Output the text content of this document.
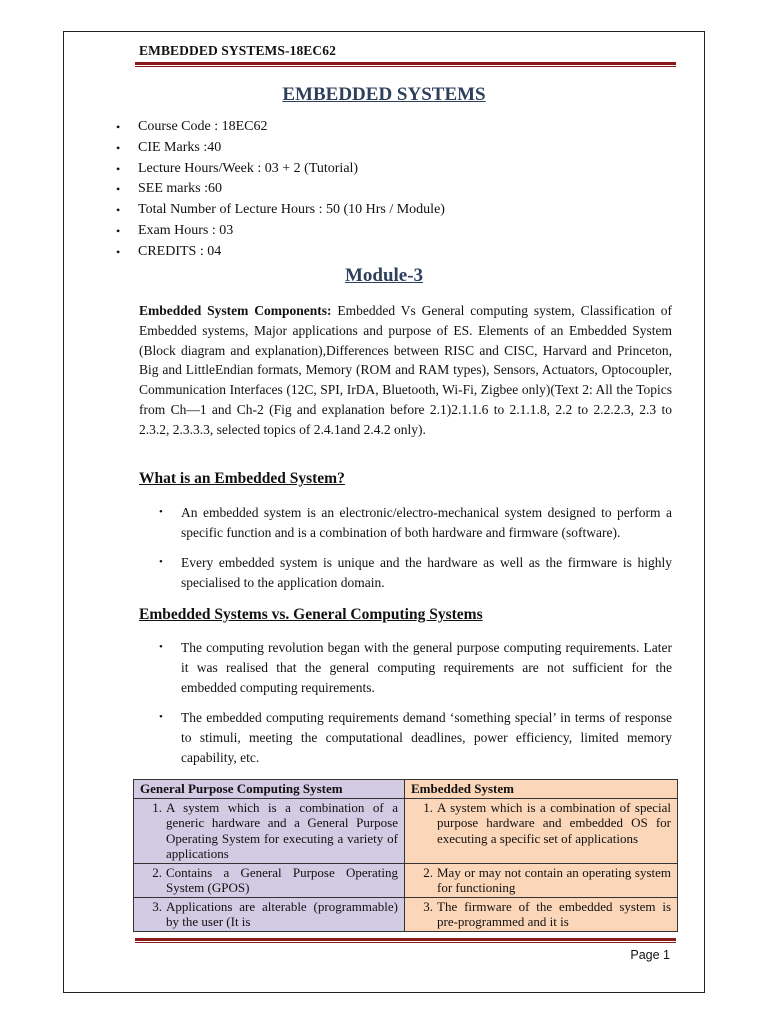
EMBEDDED SYSTEMS-18EC62
EMBEDDED SYSTEMS
• Course Code : 18EC62
• CIE Marks :40
• Lecture Hours/Week : 03 + 2 (Tutorial)
• SEE marks :60
• Total Number of Lecture Hours : 50 (10 Hrs / Module)
• Exam Hours : 03
• CREDITS : 04
Module-3

Embedded System Components: Embedded Vs General computing system, Classification of Embedded systems, Major applications and purpose of ES. Elements of an Embedded System (Block diagram and explanation),Differences between RISC and CISC, Harvard and Princeton, Big and LittleEndian formats, Memory (ROM and RAM types), Sensors, Actuators, Optocoupler, Communication Interfaces (12C, SPI, IrDA, Bluetooth, Wi-Fi, Zigbee only)(Text 2: All the Topics from Ch—1 and Ch-2 (Fig and explanation before 2.1)2.1.1.6 to 2.1.1.8, 2.2 to 2.2.2.3, 2.3 to 2.3.2, 2.3.3.3, selected topics of 2.4.1and 2.4.2 only).

What is an Embedded System?
• An embedded system is an electronic/electro-mechanical system designed to perform a specific function and is a combination of both hardware and firmware (software).
• Every embedded system is unique and the hardware as well as the firmware is highly specialised to the application domain.
Embedded Systems vs. General Computing Systems
• The computing revolution began with the general purpose computing requirements. Later it was realised that the general computing requirements are not sufficient for the embedded computing requirements.
• The embedded computing requirements demand ‘something special’ in terms of response to stimuli, meeting the computational deadlines, power efficiency, limited memory capability, etc.
General Purpose Computing System	Embedded System

1. A system which is a combination of a generic hardware and a General Purpose Operating System for executing a variety of applications	1. A system which is a combination of special purpose hardware and embedded OS for executing a specific set of applications

2. Contains a General Purpose Operating System (GPOS)	2. May or may not contain an operating system for functioning

3. Applications are alterable (programmable) by the user (It is	3. The firmware of the embedded system is pre-programmed and it is
Page 1
